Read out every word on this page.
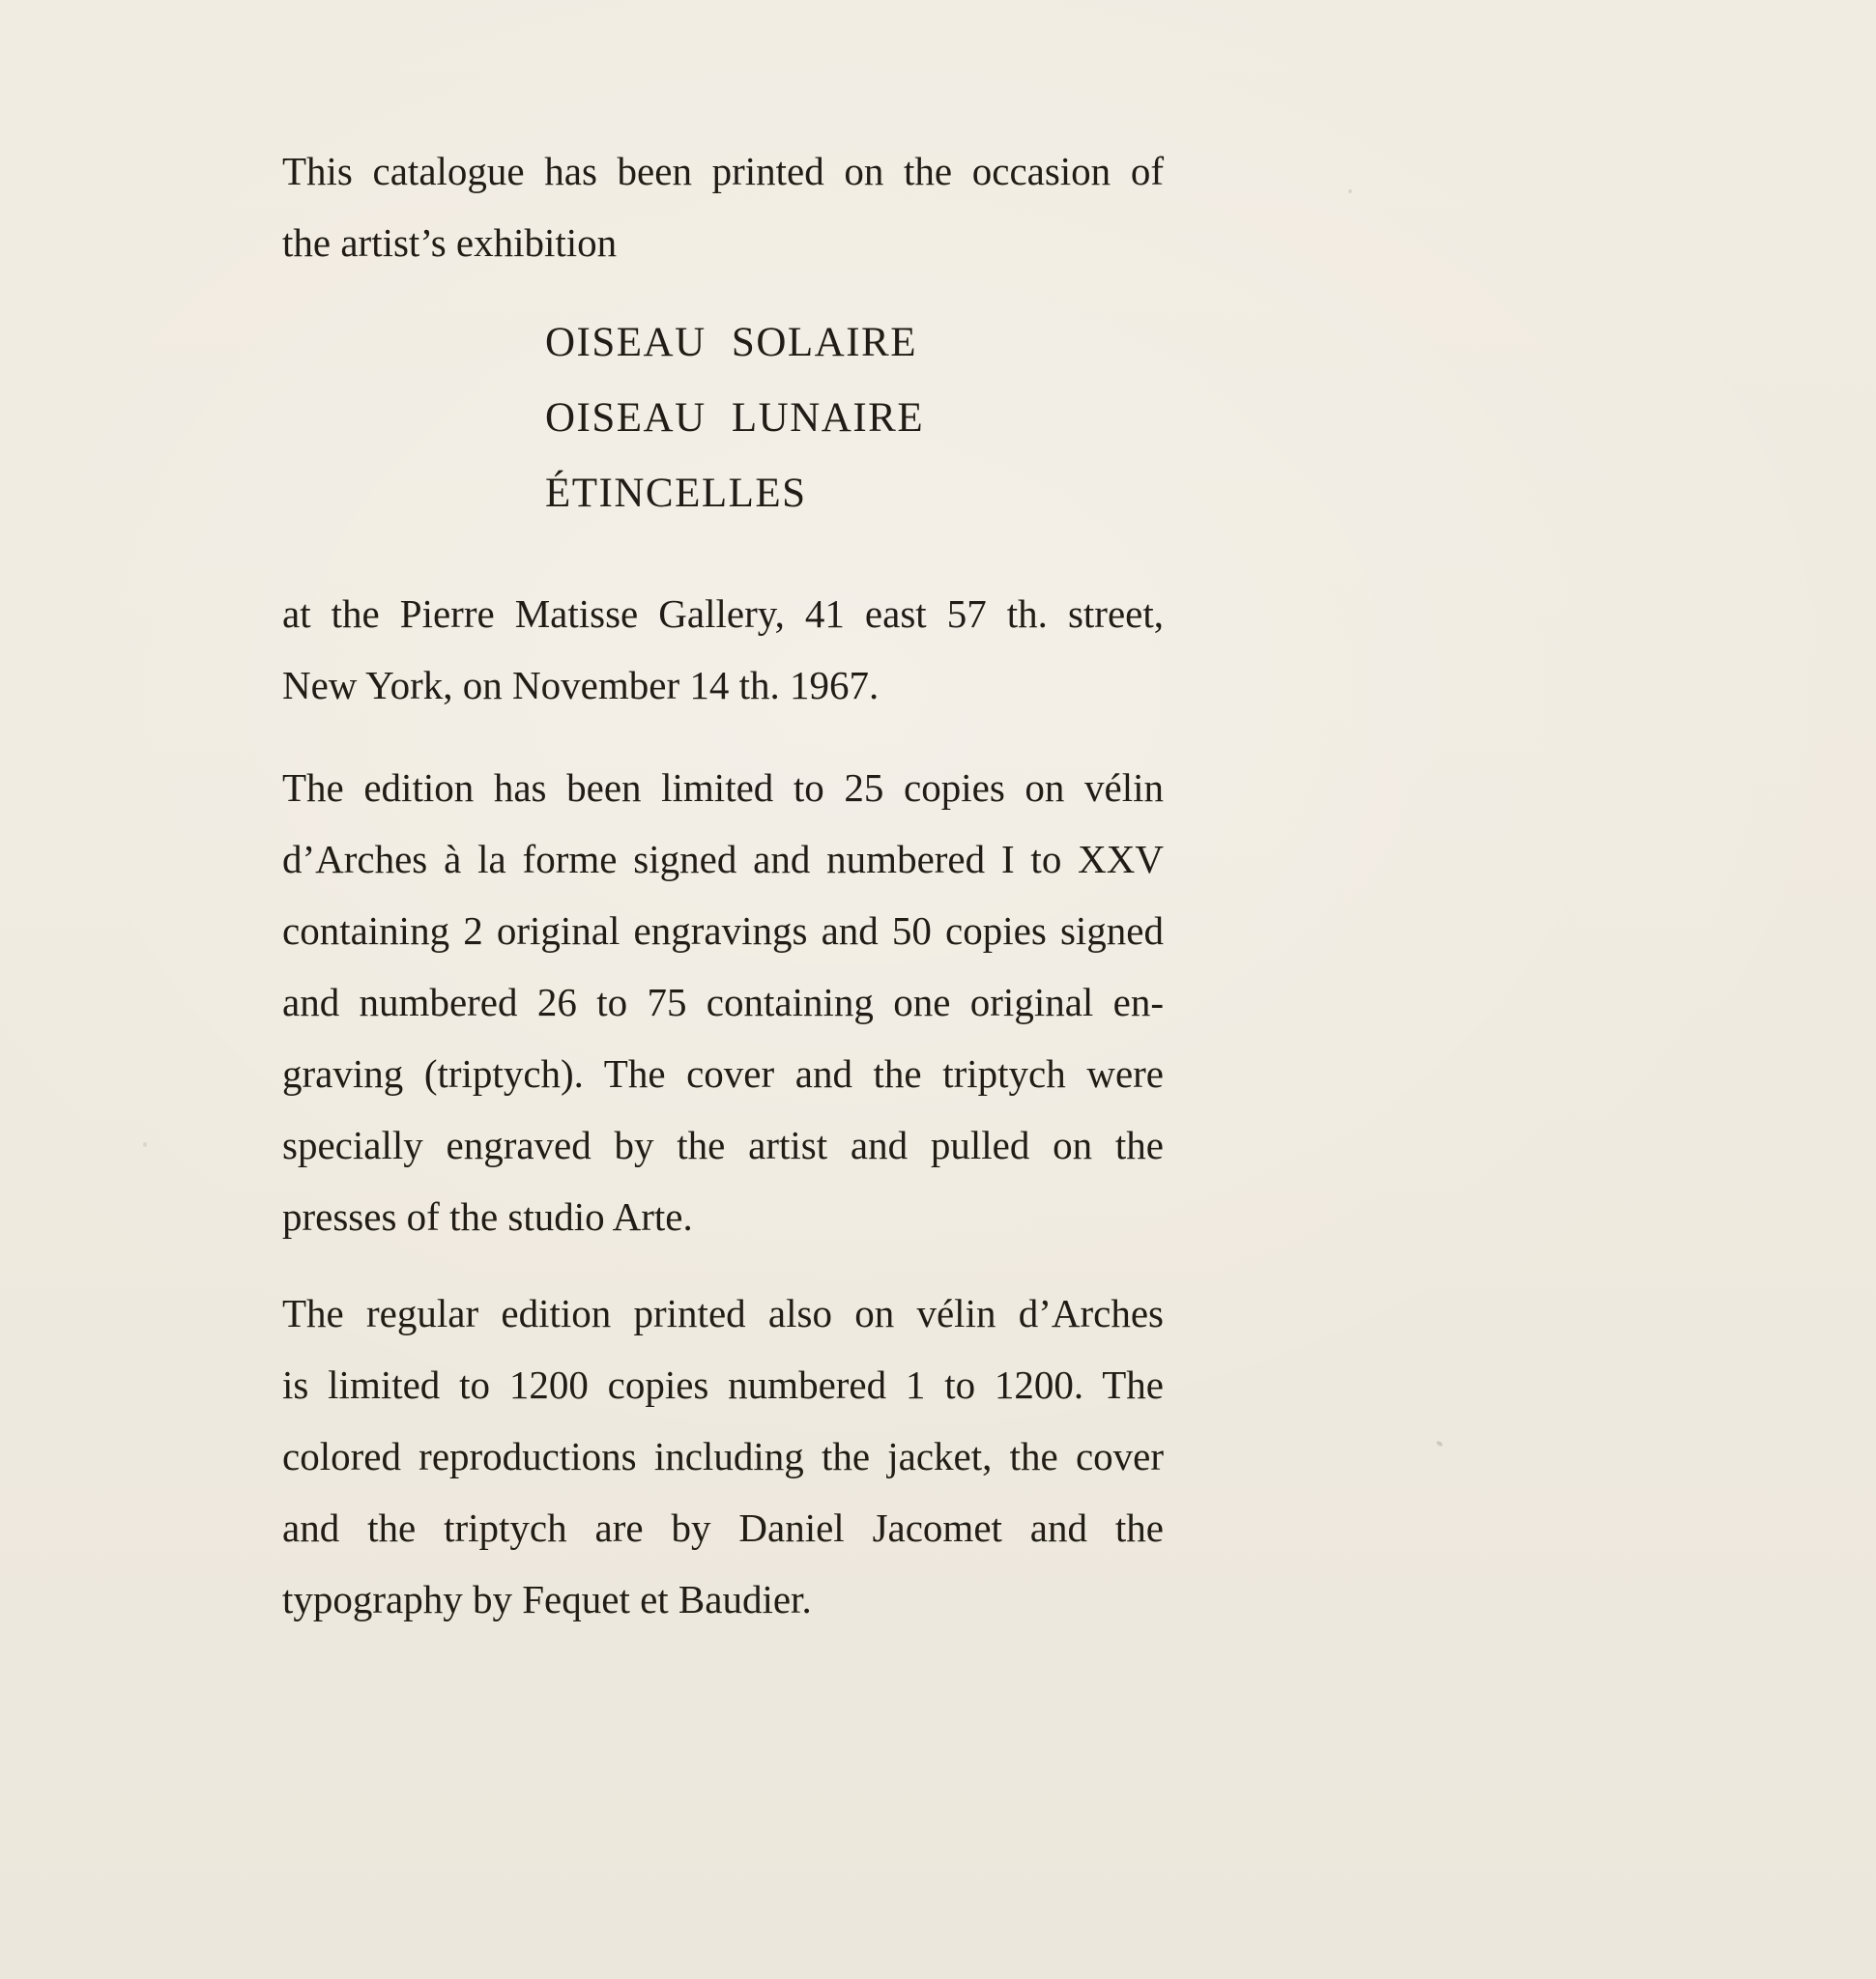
This catalogue has been printed on the occasion of
the artist’s exhibition
OISEAU SOLAIRE
OISEAU LUNAIRE
ÉTINCELLES
at the Pierre Matisse Gallery, 41 east 57 th. street,
New York, on November 14 th. 1967.
The edition has been limited to 25 copies on vélin
d’Arches à la forme signed and numbered I to XXV
containing 2 original engravings and 50 copies signed
and numbered 26 to 75 containing one original en-
graving (triptych). The cover and the triptych were
specially engraved by the artist and pulled on the
presses of the studio Arte.
The regular edition printed also on vélin d’Arches
is limited to 1200 copies numbered 1 to 1200. The
colored reproductions including the jacket, the cover
and the triptych are by Daniel Jacomet and the
typography by Fequet et Baudier.
